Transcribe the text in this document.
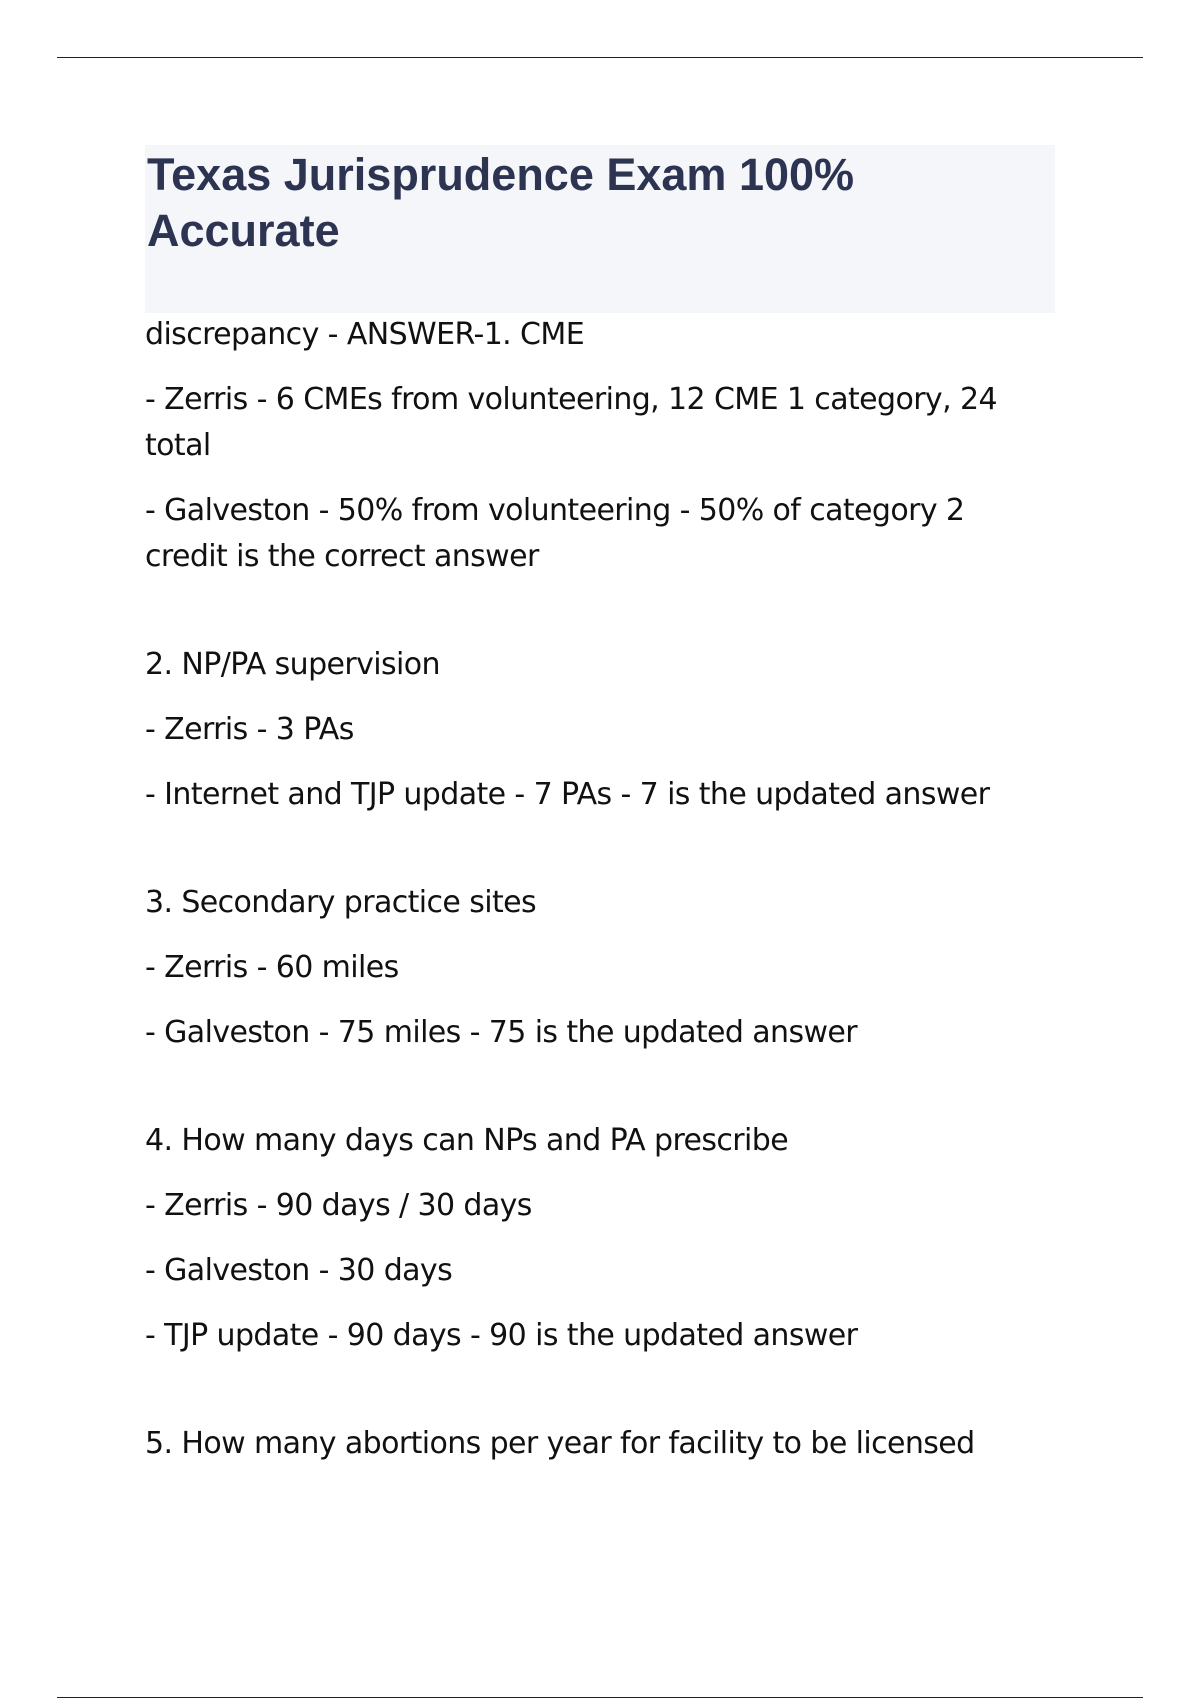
Texas Jurisprudence Exam 100% Accurate

discrepancy - ANSWER-1. CME

- Zerris - 6 CMEs from volunteering, 12 CME 1 category, 24 total

- Galveston - 50% from volunteering - 50% of category 2 credit is the correct answer

2. NP/PA supervision

- Zerris - 3 PAs

- Internet and TJP update - 7 PAs - 7 is the updated answer

3. Secondary practice sites

- Zerris - 60 miles

- Galveston - 75 miles - 75 is the updated answer

4. How many days can NPs and PA prescribe

- Zerris - 90 days / 30 days

- Galveston - 30 days

- TJP update - 90 days - 90 is the updated answer

5. How many abortions per year for facility to be licensed
